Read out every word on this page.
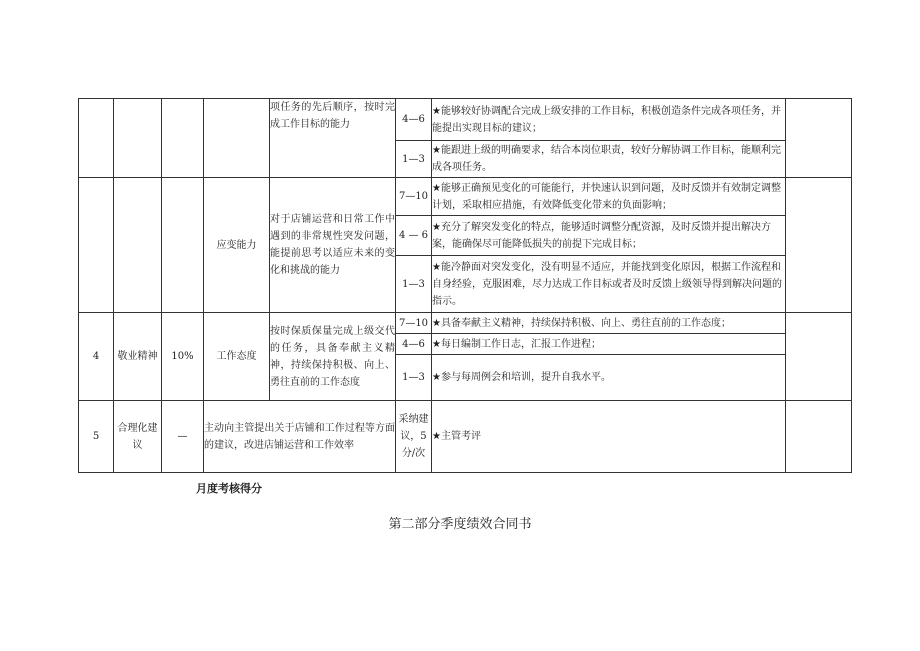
				项任务的先后顺序，按时完成工作目标的能力	4—6	★能够较好协调配合完成上级安排的工作目标，积极创造条件完成各项任务，并能提出实现目标的建议；	
					1—3	★能跟进上级的明确要求，结合本岗位职责，较好分解协调工作目标，能顺利完成各项任务。	
			应变能力	对于店铺运营和日常工作中遇到的非常规性突发问题，能提前思考以适应未来的变化和挑战的能力	7—10	★能够正确预见变化的可能能行，并快速认识到问题，及时反馈并有效制定调整计划，采取相应措施，有效降低变化带来的负面影响；	
					4 — 6	★充分了解突发变化的特点，能够适时调整分配资源，及时反馈并提出解决方案，能确保尽可能降低损失的前提下完成目标；	
					1—3	★能冷静面对突发变化，没有明显不适应，并能找到变化原因，根据工作流程和自身经验，克服困难，尽力达成工作目标或者及时反馈上级领导得到解决问题的指示。	
4	敬业精神	10%	工作态度	按时保质保量完成上级交代的任务，具备奉献主义精神，持续保持积极、向上、勇往直前的工作态度	7—10	★具备奉献主义精神，持续保持积极、向上、勇往直前的工作态度；	
					4—6	★每日编制工作日志，汇报工作进程；	
					1—3	★参与每周例会和培训，提升自我水平。	
5	合理化建议	—	主动向主管提出关于店铺和工作过程等方面的建议，改进店铺运营和工作效率		采纳建议，5分/次	★主管考评	
月度考核得分
第二部分季度绩效合同书
